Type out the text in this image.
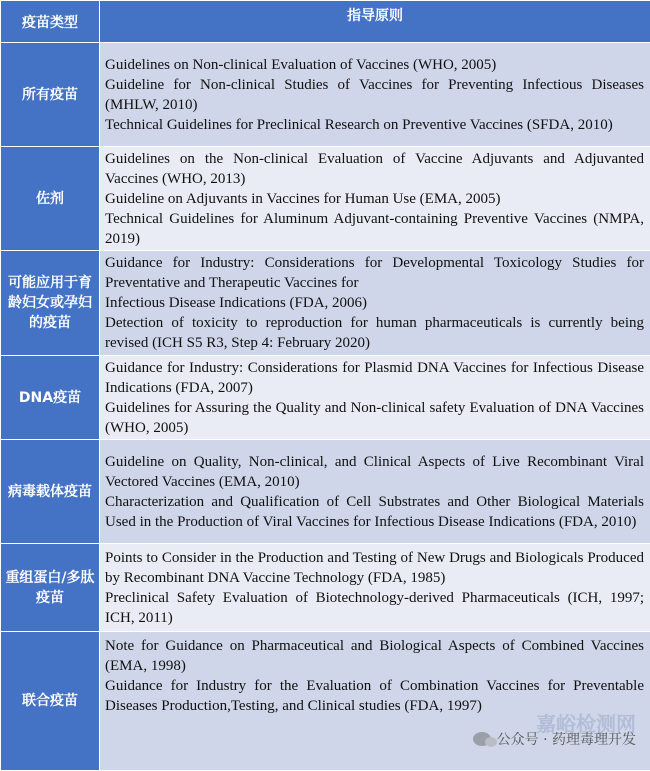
疫苗类型	指导原则
所有疫苗	Guidelines on Non-clinical Evaluation of Vaccines (WHO, 2005)
Guideline for Non-clinical Studies of Vaccines for Preventing Infectious Diseases (MHLW, 2010)
Technical Guidelines for Preclinical Research on Preventive Vaccines (SFDA, 2010)

佐剂	Guidelines on the Non-clinical Evaluation of Vaccine Adjuvants and Adjuvanted Vaccines (WHO, 2013)
Guideline on Adjuvants in Vaccines for Human Use (EMA, 2005)
Technical Guidelines for Aluminum Adjuvant-containing Preventive Vaccines (NMPA, 2019)

可能应用于育龄妇女或孕妇的疫苗	Guidance for Industry: Considerations for Developmental Toxicology Studies for Preventative and Therapeutic Vaccines for
Infectious Disease Indications (FDA, 2006)
Detection of toxicity to reproduction for human pharmaceuticals is currently being revised (ICH S5 R3, Step 4: February 2020)

DNA疫苗	Guidance for Industry: Considerations for Plasmid DNA Vaccines for Infectious Disease Indications (FDA, 2007)
Guidelines for Assuring the Quality and Non-clinical safety Evaluation of DNA Vaccines (WHO, 2005)

病毒载体疫苗	Guideline on Quality, Non-clinical, and Clinical Aspects of Live Recombinant Viral Vectored Vaccines (EMA, 2010)
Characterization and Qualification of Cell Substrates and Other Biological Materials Used in the Production of Viral Vaccines for Infectious Disease Indications (FDA, 2010)

重组蛋白/多肽疫苗	Points to Consider in the Production and Testing of New Drugs and Biologicals Produced by Recombinant DNA Vaccine Technology (FDA, 1985)
Preclinical Safety Evaluation of Biotechnology-derived Pharmaceuticals (ICH, 1997; ICH, 2011)

联合疫苗	Note for Guidance on Pharmaceutical and Biological Aspects of Combined Vaccines (EMA, 1998)
Guidance for Industry for the Evaluation of Combination Vaccines for Preventable Diseases Production,Testing, and Clinical studies (FDA, 1997)
嘉峪检测网
公众号 · 药理毒理开发
